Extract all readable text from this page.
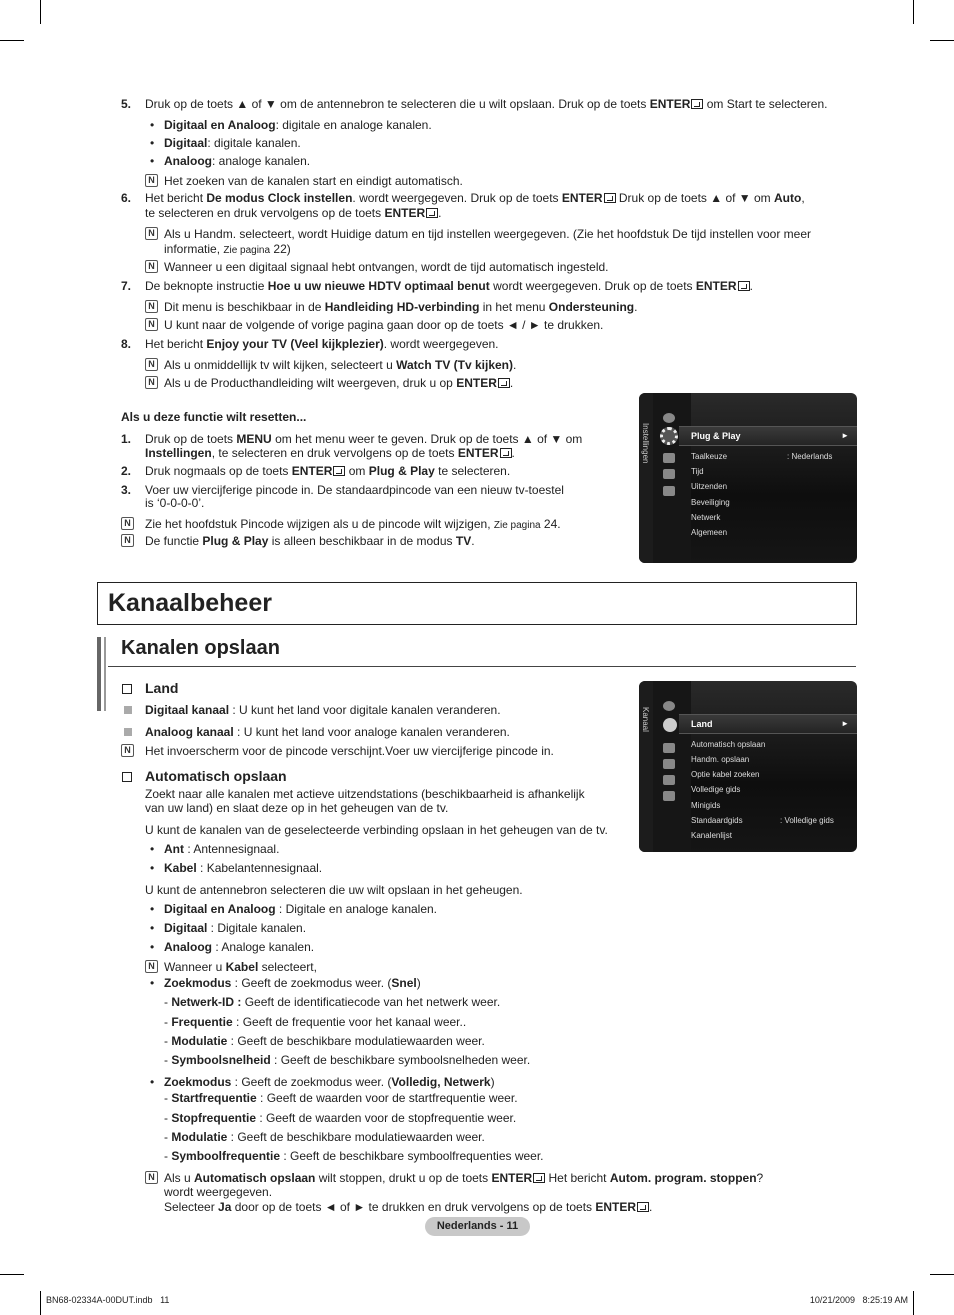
5. Druk op de toets ▲ of ▼ om de antennebron te selecteren die u wilt opslaan. Druk op de toets ENTER om Start te selecteren.
• Digitaal en Analoog: digitale en analoge kanalen.
• Digitaal: digitale kanalen.
• Analoog: analoge kanalen.
N Het zoeken van de kanalen start en eindigt automatisch.
6. Het bericht De modus Clock instellen. wordt weergegeven. Druk op de toets ENTER Druk op de toets ▲ of ▼ om Auto,
te selecteren en druk vervolgens op de toets ENTER .
N Als u Handm. selecteert, wordt Huidige datum en tijd instellen weergegeven. (Zie het hoofdstuk De tijd instellen voor meer
informatie, Zie pagina 22)
N Wanneer u een digitaal signaal hebt ontvangen, wordt de tijd automatisch ingesteld.
7. De beknopte instructie Hoe u uw nieuwe HDTV optimaal benut wordt weergegeven. Druk op de toets ENTER .
N Dit menu is beschikbaar in de Handleiding HD-verbinding in het menu Ondersteuning.
N U kunt naar de volgende of vorige pagina gaan door op de toets ◄ / ► te drukken.
8. Het bericht Enjoy your TV (Veel kijkplezier). wordt weergegeven.
N Als u onmiddellijk tv wilt kijken, selecteert u Watch TV (Tv kijken).
N Als u de Producthandleiding wilt weergeven, druk u op ENTER .
Als u deze functie wilt resetten...
1. Druk op de toets MENU om het menu weer te geven. Druk op de toets ▲ of ▼ om
Instellingen, te selecteren en druk vervolgens op de toets ENTER .
2. Druk nogmaals op de toets ENTER om Plug & Play te selecteren.
3. Voer uw viercijferige pincode in. De standaardpincode van een nieuw tv-toestel
is ‘0-0-0-0’.
N Zie het hoofdstuk Pincode wijzigen als u de pincode wilt wijzigen, Zie pagina 24.
N De functie Plug & Play is alleen beschikbaar in de modus TV.
Instellingen	Plug & Play	►
Taalkeuze	: Nederlands
Tijd
Uitzenden
Beveiliging
Netwerk
Algemeen
Kanaalbeheer
Kanalen opslaan
Land
Digitaal kanaal : U kunt het land voor digitale kanalen veranderen.
Analoog kanaal : U kunt het land voor analoge kanalen veranderen.
N Het invoerscherm voor de pincode verschijnt.Voer uw viercijferige pincode in.
Kanaal	Land	►
Automatisch opslaan
Handm. opslaan
Optie kabel zoeken
Volledige gids
Minigids
Standaardgids	: Volledige gids
Kanalenlijst
Automatisch opslaan
Zoekt naar alle kanalen met actieve uitzendstations (beschikbaarheid is afhankelijk
van uw land) en slaat deze op in het geheugen van de tv.
U kunt de kanalen van de geselecteerde verbinding opslaan in het geheugen van de tv.
• Ant : Antennesignaal.
• Kabel : Kabelantennesignaal.
U kunt de antennebron selecteren die uw wilt opslaan in het geheugen.
• Digitaal en Analoog : Digitale en analoge kanalen.
• Digitaal : Digitale kanalen.
• Analoog : Analoge kanalen.
N Wanneer u Kabel selecteert,
• Zoekmodus : Geeft de zoekmodus weer. (Snel)
- Netwerk-ID : Geeft de identificatiecode van het netwerk weer.
- Frequentie : Geeft de frequentie voor het kanaal weer..
- Modulatie : Geeft de beschikbare modulatiewaarden weer.
- Symboolsnelheid : Geeft de beschikbare symboolsnelheden weer.
• Zoekmodus : Geeft de zoekmodus weer. (Volledig, Netwerk)
- Startfrequentie : Geeft de waarden voor de startfrequentie weer.
- Stopfrequentie : Geeft de waarden voor de stopfrequentie weer.
- Modulatie : Geeft de beschikbare modulatiewaarden weer.
- Symboolfrequentie : Geeft de beschikbare symboolfrequenties weer.
N Als u Automatisch opslaan wilt stoppen, drukt u op de toets ENTER Het bericht Autom. program. stoppen?
wordt weergegeven.
Selecteer Ja door op de toets ◄ of ► te drukken en druk vervolgens op de toets ENTER .
Nederlands - 11
BN68-02334A-00DUT.indb   11	10/21/2009   8:25:19 AM
